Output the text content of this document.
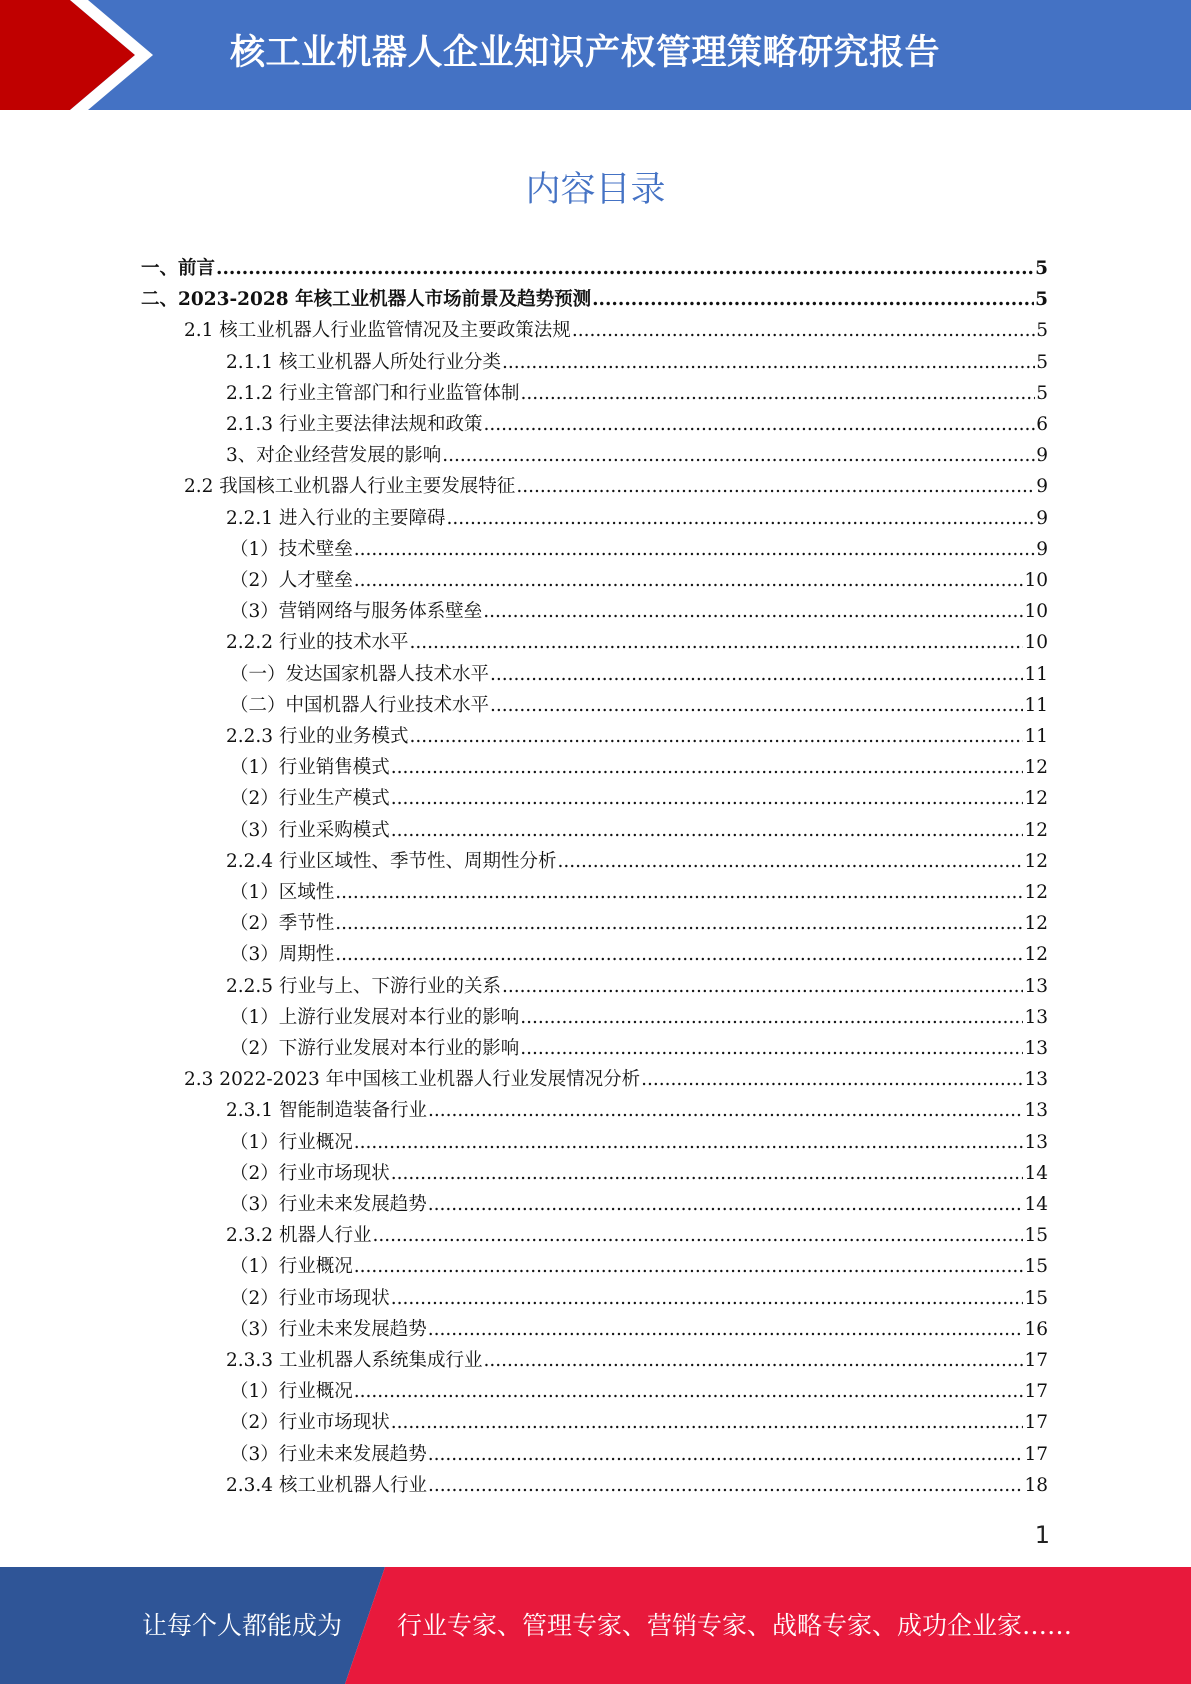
核工业机器人企业知识产权管理策略研究报告
内容目录
一、前言 .....	5
二、2023-2028 年核工业机器人市场前景及趋势预测 .....	5
2.1 核工业机器人行业监管情况及主要政策法规 .....	5
2.1.1 核工业机器人所处行业分类 .....	5
2.1.2 行业主管部门和行业监管体制 .....	5
2.1.3 行业主要法律法规和政策 .....	6
3、对企业经营发展的影响 .....	9
2.2 我国核工业机器人行业主要发展特征 .....	9
2.2.1 进入行业的主要障碍 .....	9
（1）技术壁垒 .....	9
（2）人才壁垒 .....	10
（3）营销网络与服务体系壁垒 .....	10
2.2.2 行业的技术水平 .....	10
（一）发达国家机器人技术水平 .....	11
（二）中国机器人行业技术水平 .....	11
2.2.3 行业的业务模式 .....	11
（1）行业销售模式 .....	12
（2）行业生产模式 .....	12
（3）行业采购模式 .....	12
2.2.4 行业区域性、季节性、周期性分析 .....	12
（1）区域性 .....	12
（2）季节性 .....	12
（3）周期性 .....	12
2.2.5 行业与上、下游行业的关系 .....	13
（1）上游行业发展对本行业的影响 .....	13
（2）下游行业发展对本行业的影响 .....	13
2.3 2022-2023 年中国核工业机器人行业发展情况分析 .....	13
2.3.1 智能制造装备行业 .....	13
（1）行业概况 .....	13
（2）行业市场现状 .....	14
（3）行业未来发展趋势 .....	14
2.3.2 机器人行业 .....	15
（1）行业概况 .....	15
（2）行业市场现状 .....	15
（3）行业未来发展趋势 .....	16
2.3.3 工业机器人系统集成行业 .....	17
（1）行业概况 .....	17
（2）行业市场现状 .....	17
（3）行业未来发展趋势 .....	17
2.3.4 核工业机器人行业 .....	18
1
让每个人都能成为 行业专家、管理专家、营销专家、战略专家、成功企业家……
